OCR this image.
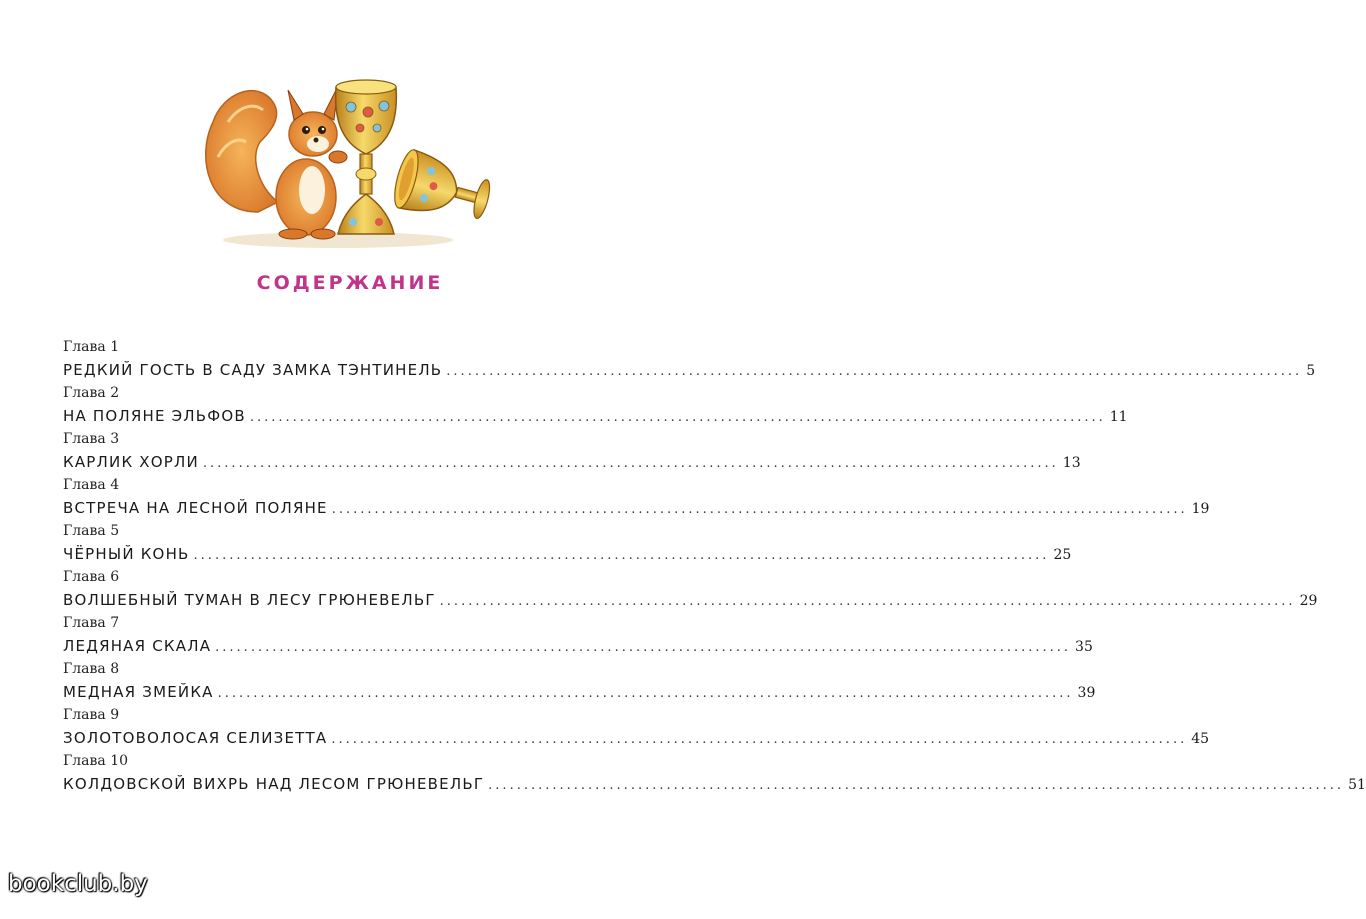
СОДЕРЖАНИЕ
Глава 1
РЕДКИЙ ГОСТЬ В САДУ ЗАМКА ТЭНТИНЕЛЬ ........................................................................................................................ 5
Глава 2
НА ПОЛЯНЕ ЭЛЬФОВ ........................................................................................................................ 11
Глава 3
КАРЛИК ХОРЛИ ........................................................................................................................ 13
Глава 4
ВСТРЕЧА НА ЛЕСНОЙ ПОЛЯНЕ ........................................................................................................................ 19
Глава 5
ЧЁРНЫЙ КОНЬ ........................................................................................................................ 25
Глава 6
ВОЛШЕБНЫЙ ТУМАН В ЛЕСУ ГРЮНЕВЕЛЬГ ........................................................................................................................ 29
Глава 7
ЛЕДЯНАЯ СКАЛА ........................................................................................................................ 35
Глава 8
МЕДНАЯ ЗМЕЙКА ........................................................................................................................ 39
Глава 9
ЗОЛОТОВОЛОСАЯ СЕЛИЗЕТТА ........................................................................................................................ 45
Глава 10
КОЛДОВСКОЙ ВИХРЬ НАД ЛЕСОМ ГРЮНЕВЕЛЬГ ........................................................................................................................ 51
bookclub.by
